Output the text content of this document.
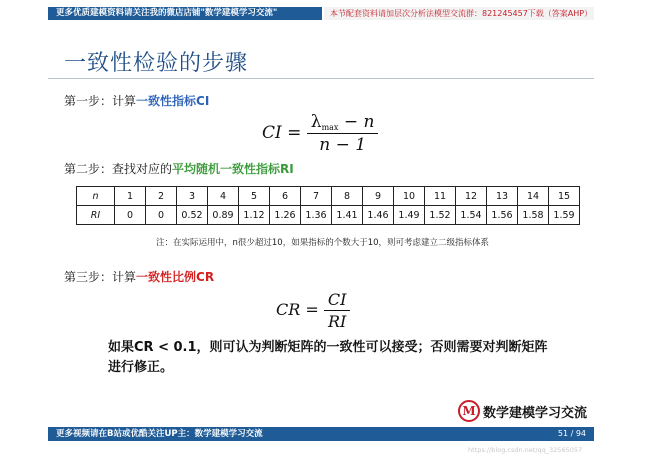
更多优质建模资料请关注我的微店店铺"数学建模学习交流"	本节配套资料请加层次分析法模型交流群：821245457下载（答案AHP）
一致性检验的步骤
第一步：计算一致性指标CI
CI = $\frac{\lambda_{max} - n}{n - 1}$
第二步：查找对应的平均随机一致性指标RI
n	1	2	3	4	5	6	7	8	9	10	11	12	13	14	15
RI	0	0	0.52	0.89	1.12	1.26	1.36	1.41	1.46	1.49	1.52	1.54	1.56	1.58	1.59
注：在实际运用中，n很少超过10，如果指标的个数大于10，则可考虑建立二级指标体系
第三步：计算一致性比例CR
CR = $\frac{CI}{RI}$
如果CR < 0.1，则可认为判断矩阵的一致性可以接受；否则需要对判断矩阵进行修正。
M 数学建模学习交流
更多视频请在B站或优酷关注UP主：数学建模学习交流	51 / 94
https://blog.csdn.net/qq_32565057
